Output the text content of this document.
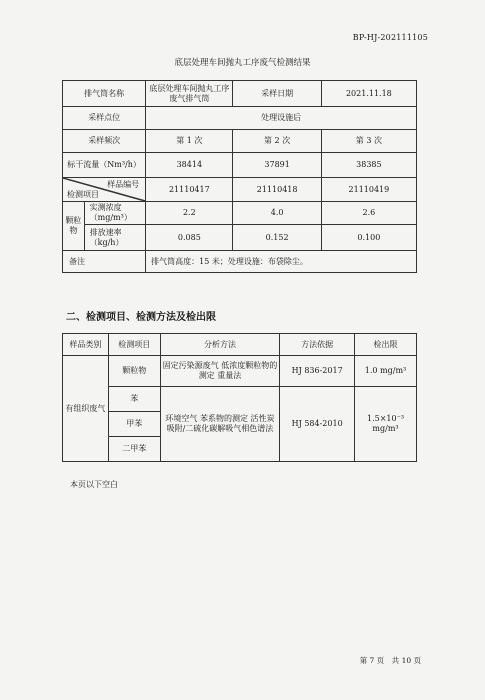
BP-HJ-202111105
底层处理车间抛丸工序废气检测结果
排气筒名称		底层处理车间抛丸工序废气排气筒	采样日期	2021.11.18
采样点位		处理设施后		
采样频次		第 1 次	第 2 次	第 3 次
标干流量（Nm³/h）		38414	37891	38385

样品编号
检测项目		21110417	21110418	21110419
颗粒物	实测浓度（mg/m³）	2.2	4.0	2.6
	排放速率（kg/h）	0.085	0.152	0.100
备注		排气筒高度：15 米；处理设施：布袋除尘。		
二、检测项目、检测方法及检出限
样品类别	检测项目	分析方法	方法依据	检出限
有组织废气	颗粒物	固定污染源废气 低浓度颗粒物的测定 重量法	HJ 836-2017	1.0 mg/m³
	苯	环境空气 苯系物的测定 活性炭吸附/二硫化碳解吸气相色谱法	HJ 584-2010	1.5×10⁻³ mg/m³
	甲苯			
	二甲苯			
本页以下空白
第 7 页　共 10 页
